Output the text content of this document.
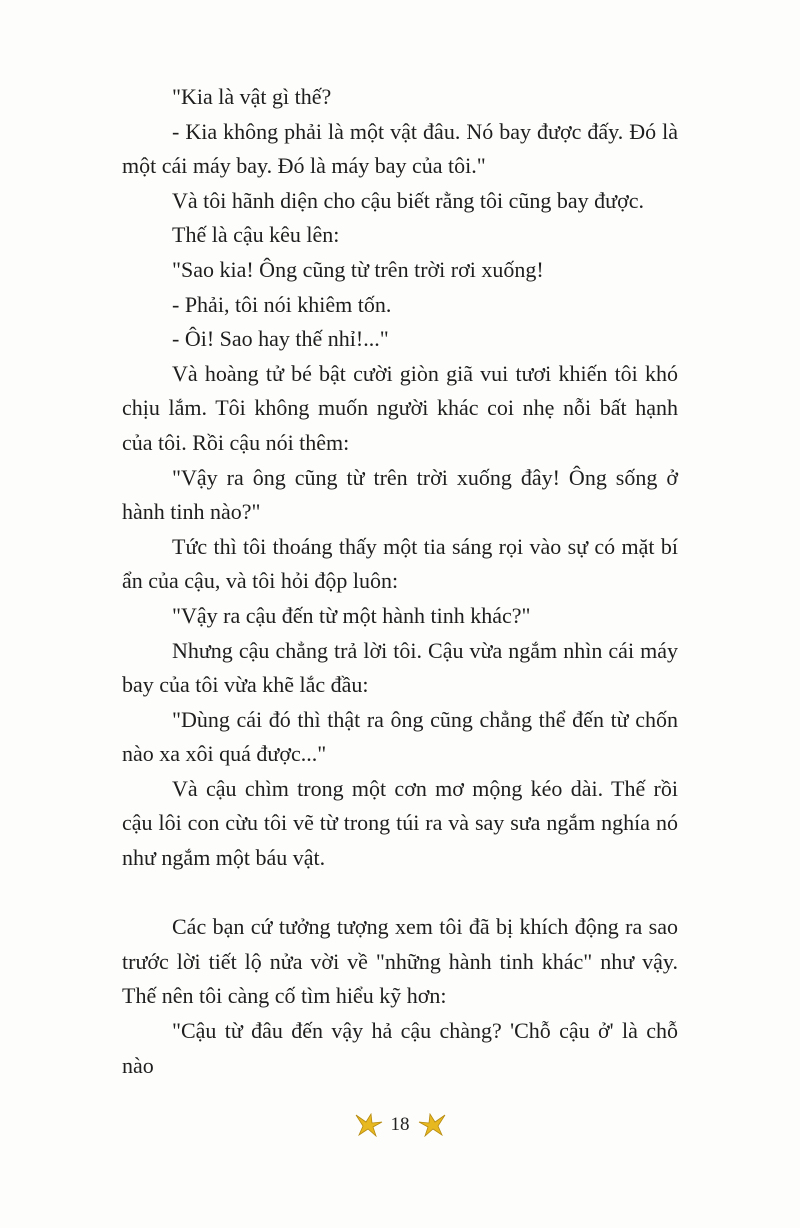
"Kia là vật gì thế?

- Kia không phải là một vật đâu. Nó bay được đấy. Đó là một cái máy bay. Đó là máy bay của tôi."

Và tôi hãnh diện cho cậu biết rằng tôi cũng bay được.

Thế là cậu kêu lên:

"Sao kia! Ông cũng từ trên trời rơi xuống!

- Phải, tôi nói khiêm tốn.

- Ôi! Sao hay thế nhỉ!..."

Và hoàng tử bé bật cười giòn giã vui tươi khiến tôi khó chịu lắm. Tôi không muốn người khác coi nhẹ nỗi bất hạnh của tôi. Rồi cậu nói thêm:

"Vậy ra ông cũng từ trên trời xuống đây! Ông sống ở hành tinh nào?"

Tức thì tôi thoáng thấy một tia sáng rọi vào sự có mặt bí ẩn của cậu, và tôi hỏi độp luôn:

"Vậy ra cậu đến từ một hành tinh khác?"

Nhưng cậu chẳng trả lời tôi. Cậu vừa ngắm nhìn cái máy bay của tôi vừa khẽ lắc đầu:

"Dùng cái đó thì thật ra ông cũng chẳng thể đến từ chốn nào xa xôi quá được..."

Và cậu chìm trong một cơn mơ mộng kéo dài. Thế rồi cậu lôi con cừu tôi vẽ từ trong túi ra và say sưa ngắm nghía nó như ngắm một báu vật.

Các bạn cứ tưởng tượng xem tôi đã bị khích động ra sao trước lời tiết lộ nửa vời về "những hành tinh khác" như vậy. Thế nên tôi càng cố tìm hiểu kỹ hơn:

"Cậu từ đâu đến vậy hả cậu chàng? 'Chỗ cậu ở' là chỗ nào

18
